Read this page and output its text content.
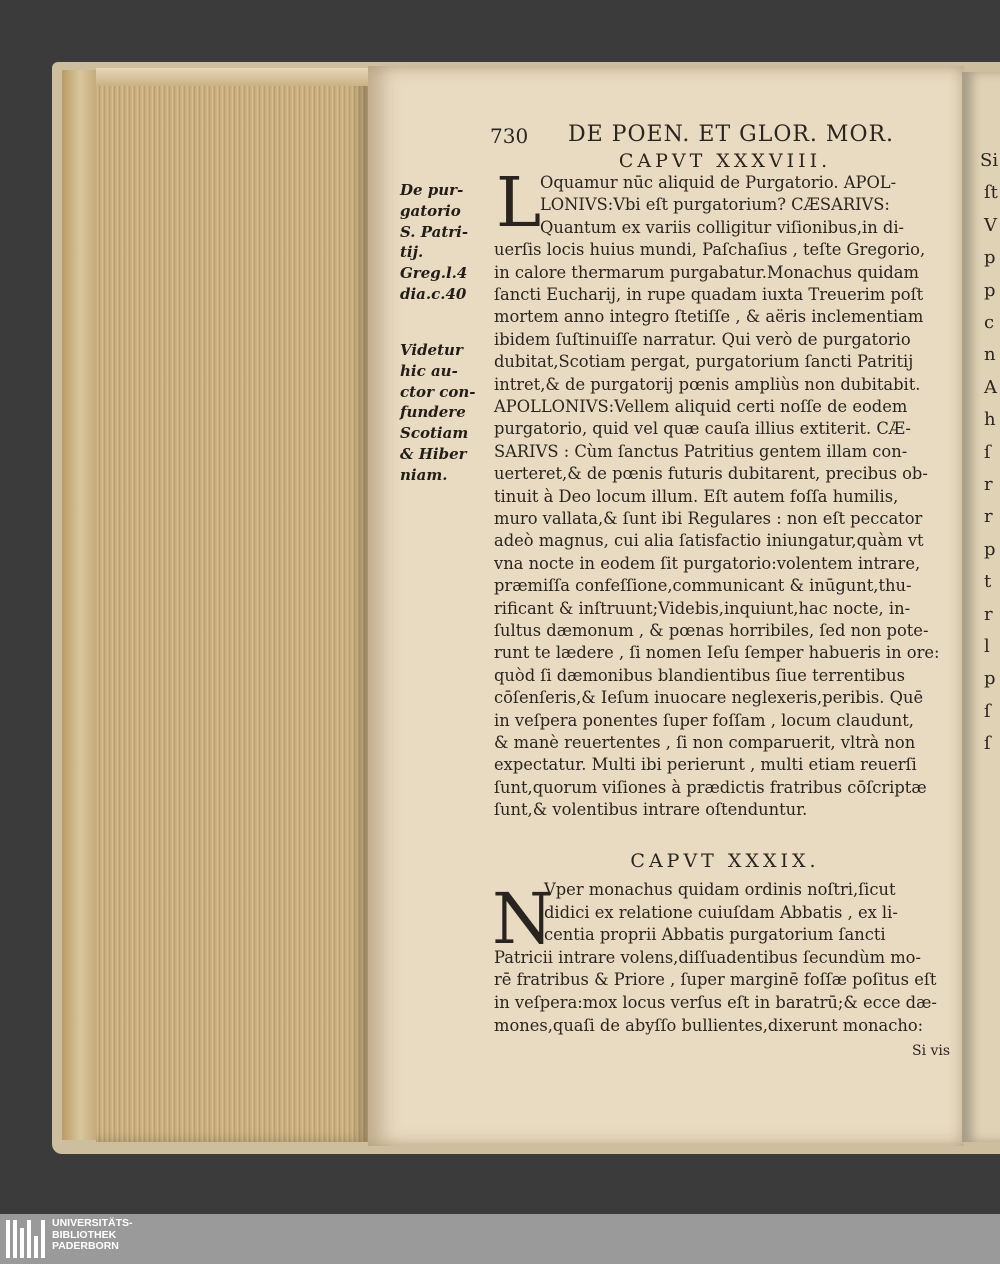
Si
ſt
V
p
p
c
n
A
h
ſ
r
r
p
t
r
l
p
ſ
ſ
730 DE POEN. ET GLOR. MOR.
CAPVT XXXVIII.
L
Oquamur nūc aliquid de Purgatorio. APOL-
LONIVS:Vbi eſt purgatorium? CÆSARIVS:
Quantum ex variis colligitur viſionibus,in di-
uerſis locis huius mundi, Paſchaſius , teſte Gregorio,
in calore thermarum purgabatur.Monachus quidam
ſancti Eucharij, in rupe quadam iuxta Treuerim poſt
mortem anno integro ſtetiſſe , & aëris inclementiam
ibidem ſuſtinuiſſe narratur. Qui verò de purgatorio
dubitat,Scotiam pergat, purgatorium ſancti Patritij
intret,& de purgatorij pœnis ampliùs non dubitabit.
APOLLONIVS:Vellem aliquid certi noſſe de eodem
purgatorio, quid vel quæ cauſa illius extiterit. CÆ-
SARIVS : Cùm ſanctus Patritius gentem illam con-
uerteret,& de pœnis futuris dubitarent, precibus ob-
tinuit à Deo locum illum. Eſt autem foſſa humilis,
muro vallata,& ſunt ibi Regulares : non eſt peccator
adeò magnus, cui alia ſatisfactio iniungatur,quàm vt
vna nocte in eodem ſit purgatorio:volentem intrare,
præmiſſa confeſſione,communicant & inūgunt,thu-
rificant & inſtruunt;Videbis,inquiunt,hac nocte, in-
ſultus dæmonum , & pœnas horribiles, ſed non pote-
runt te lædere , ſi nomen Ieſu ſemper habueris in ore:
quòd ſi dæmonibus blandientibus ſiue terrentibus
cōſenſeris,& Ieſum inuocare neglexeris,peribis. Quē
in veſpera ponentes ſuper foſſam , locum claudunt,
& manè reuertentes , ſi non comparuerit, vltrà non
expectatur. Multi ibi perierunt , multi etiam reuerſi
ſunt,quorum viſiones à prædictis fratribus cōſcriptæ
ſunt,& volentibus intrare oſtenduntur.
CAPVT XXXIX.
N
Vper monachus quidam ordinis noſtri,ſicut
didici ex relatione cuiuſdam Abbatis , ex li-
centia proprii Abbatis purgatorium ſancti
Patricii intrare volens,diſſuadentibus ſecundùm mo-
rē fratribus & Priore , ſuper marginē foſſæ poſitus eſt
in veſpera:mox locus verſus eſt in baratrū;& ecce dæ-
mones,quaſi de abyſſo bullientes,dixerunt monacho:
Si vis
De pur-
gatorio
S. Patri-
tij.
Greg.l.4
dia.c.40
Videtur
hic au-
ctor con-
fundere
Scotiam
& Hiber
niam.
UNIVERSITÄTS-
BIBLIOTHEK
PADERBORN
